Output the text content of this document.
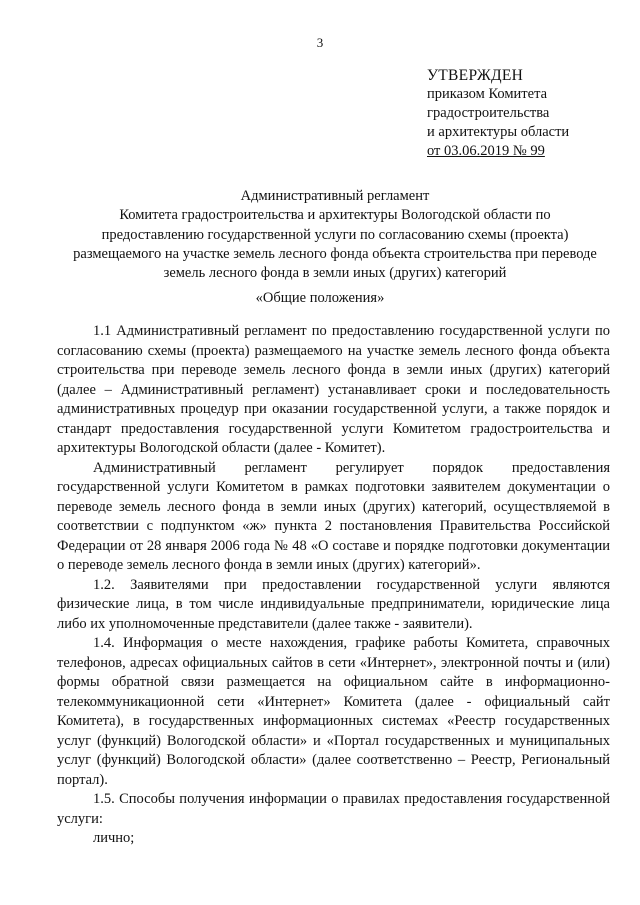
3
УТВЕРЖДЕН
приказом Комитета
градостроительства
и архитектуры области
от 03.06.2019 № 99
Административный регламент
Комитета градостроительства и архитектуры Вологодской области по
предоставлению государственной услуги по согласованию схемы (проекта)
размещаемого на участке земель лесного фонда объекта строительства при переводе
земель лесного фонда в земли иных (других) категорий
«Общие положения»

1.1 Административный регламент по предоставлению государственной услуги по согласованию схемы (проекта) размещаемого на участке земель лесного фонда объекта строительства при переводе земель лесного фонда в земли иных (других) категорий (далее – Административный регламент) устанавливает сроки и последовательность административных процедур при оказании государственной услуги, а также порядок и стандарт предоставления государственной услуги Комитетом градостроительства и архитектуры Вологодской области (далее - Комитет).

Административный регламент регулирует порядок предоставления государственной услуги Комитетом в рамках подготовки заявителем документации о переводе земель лесного фонда в земли иных (других) категорий, осуществляемой в соответствии с подпунктом «ж» пункта 2 постановления Правительства Российской Федерации от 28 января 2006 года № 48 «О составе и порядке подготовки документации о переводе земель лесного фонда в земли иных (других) категорий».

1.2. Заявителями при предоставлении государственной услуги являются физические лица, в том числе индивидуальные предприниматели, юридические лица либо их уполномоченные представители (далее также - заявители).

1.4. Информация о месте нахождения, графике работы Комитета, справочных телефонов, адресах официальных сайтов в сети «Интернет», электронной почты и (или) формы обратной связи размещается на официальном сайте в информационно-телекоммуникационной сети «Интернет» Комитета (далее - официальный сайт Комитета), в государственных информационных системах «Реестр государственных услуг (функций) Вологодской области» и «Портал государственных и муниципальных услуг (функций) Вологодской области» (далее соответственно – Реестр, Региональный портал).

1.5. Способы получения информации о правилах предоставления государственной услуги:

лично;
